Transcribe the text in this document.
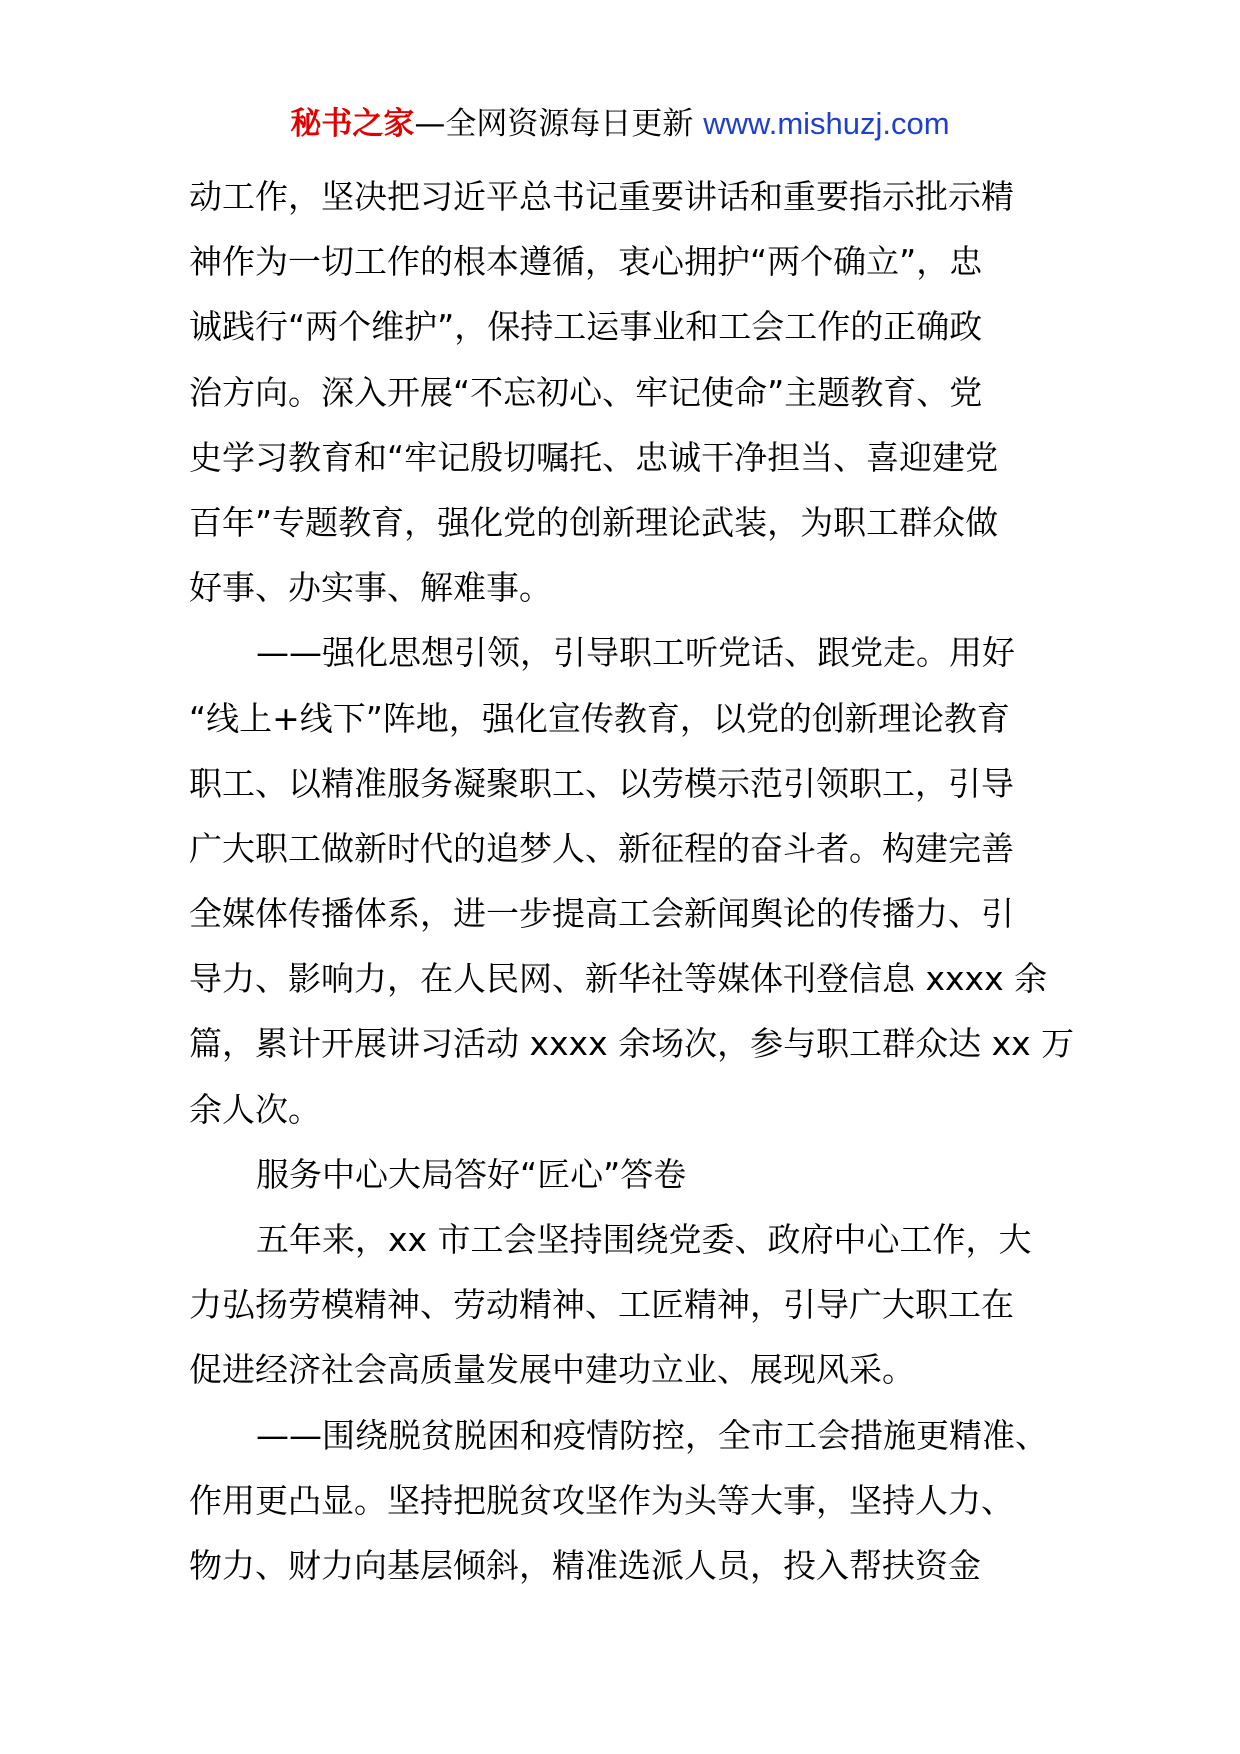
秘书之家—全网资源每日更新 www.mishuzj.com
动工作，坚决把习近平总书记重要讲话和重要指示批示精
神作为一切工作的根本遵循，衷心拥护“两个确立”，忠
诚践行“两个维护”，保持工运事业和工会工作的正确政
治方向。深入开展“不忘初心、牢记使命”主题教育、党
史学习教育和“牢记殷切嘱托、忠诚干净担当、喜迎建党
百年”专题教育，强化党的创新理论武装，为职工群众做
好事、办实事、解难事。
——强化思想引领，引导职工听党话、跟党走。用好
“线上+线下”阵地，强化宣传教育，以党的创新理论教育
职工、以精准服务凝聚职工、以劳模示范引领职工，引导
广大职工做新时代的追梦人、新征程的奋斗者。构建完善
全媒体传播体系，进一步提高工会新闻舆论的传播力、引
导力、影响力，在人民网、新华社等媒体刊登信息 xxxx 余
篇，累计开展讲习活动 xxxx 余场次，参与职工群众达 xx 万
余人次。
服务中心大局答好“匠心”答卷
五年来，xx 市工会坚持围绕党委、政府中心工作，大
力弘扬劳模精神、劳动精神、工匠精神，引导广大职工在
促进经济社会高质量发展中建功立业、展现风采。
——围绕脱贫脱困和疫情防控，全市工会措施更精准、
作用更凸显。坚持把脱贫攻坚作为头等大事，坚持人力、
物力、财力向基层倾斜，精准选派人员，投入帮扶资金
